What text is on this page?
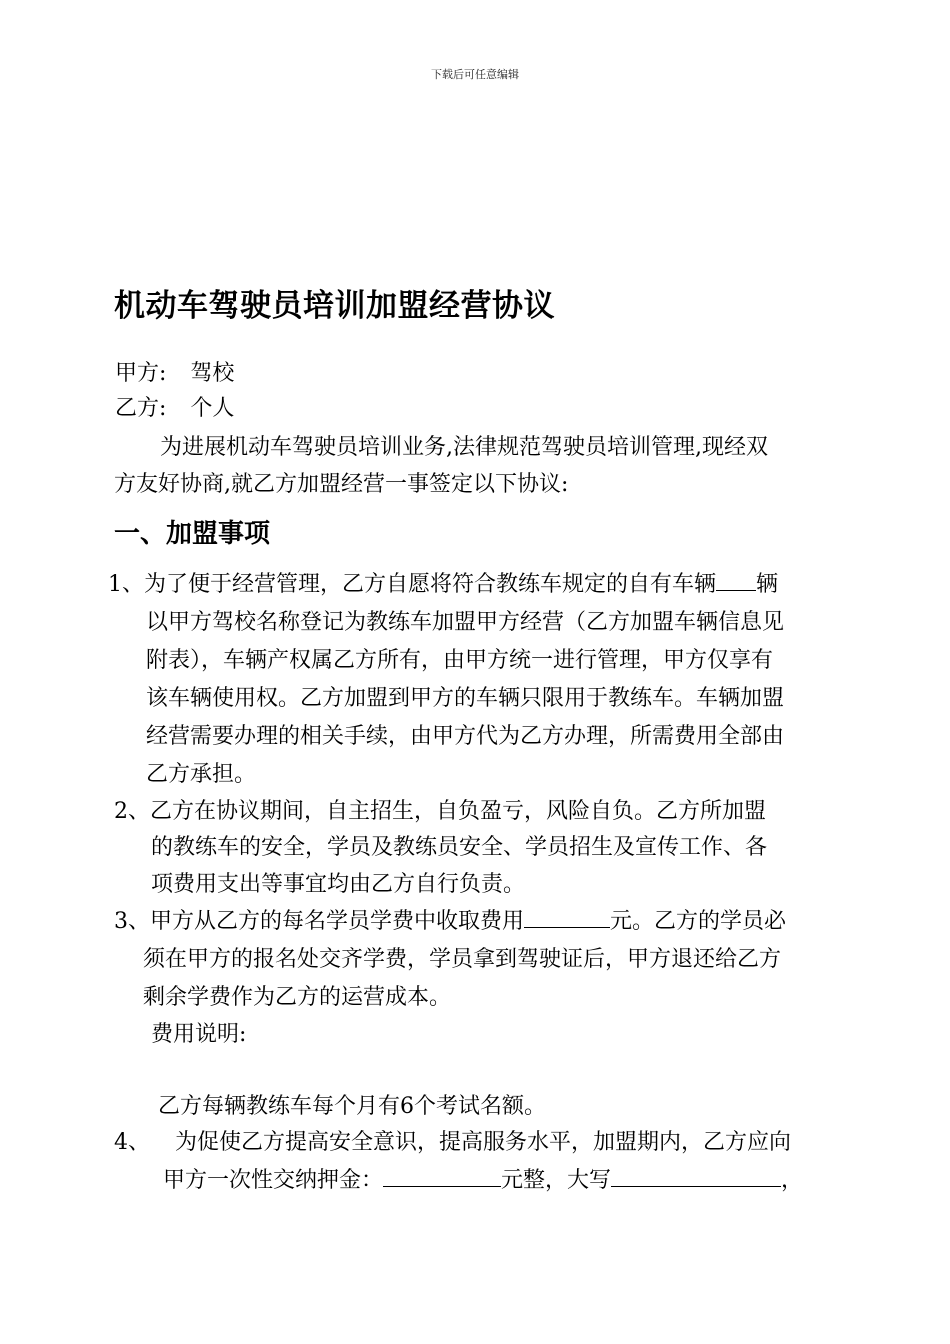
下载后可任意编辑
机动车驾驶员培训加盟经营协议
甲方: 驾校
乙方: 个人
为进展机动车驾驶员培训业务,法律规范驾驶员培训管理,现经双
方友好协商,就乙方加盟经营一事签定以下协议:
一、加盟事项
1、为了便于经营管理，乙方自愿将符合教练车规定的自有车辆 辆
以甲方驾校名称登记为教练车加盟甲方经营（乙方加盟车辆信息见
附表），车辆产权属乙方所有，由甲方统一进行管理，甲方仅享有
该车辆使用权。乙方加盟到甲方的车辆只限用于教练车。车辆加盟
经营需要办理的相关手续，由甲方代为乙方办理，所需费用全部由
乙方承担。
2、乙方在协议期间，自主招生，自负盈亏，风险自负。乙方所加盟
的教练车的安全，学员及教练员安全、学员招生及宣传工作、各
项费用支出等事宜均由乙方自行负责。
3、甲方从乙方的每名学员学费中收取费用	元。乙方的学员必
须在甲方的报名处交齐学费，学员拿到驾驶证后，甲方退还给乙方
剩余学费作为乙方的运营成本。
费用说明:
乙方每辆教练车每个月有6个考试名额。
4、 为促使乙方提高安全意识，提高服务水平，加盟期内，乙方应向
甲方一次性交纳押金：	元整，大写	，
